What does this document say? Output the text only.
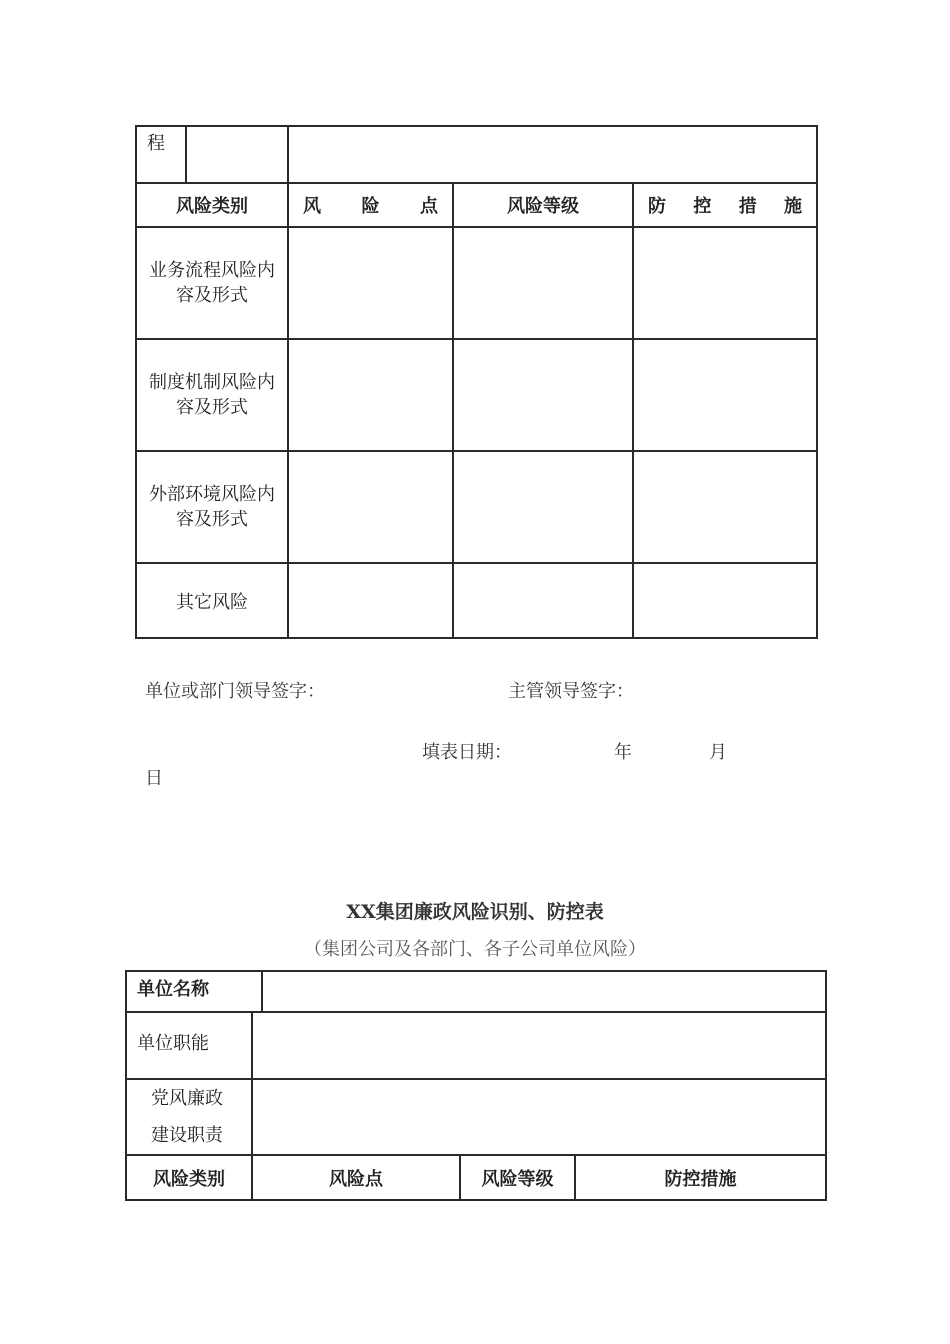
程			

风险类别	风 险 点	风险等级	防 控 措 施

业务流程风险内
容及形式			

制度机制风险内
容及形式			

外部环境风险内
容及形式			

其它风险			

单位或部门领导签字：	主管领导签字：
填表日期：	年	月
日
XX集团廉政风险识别、防控表
（集团公司及各部门、各子公司单位风险）
单位名称			

单位职能			

党风廉政
建设职责			

风险类别	风险点	风险等级	防控措施
